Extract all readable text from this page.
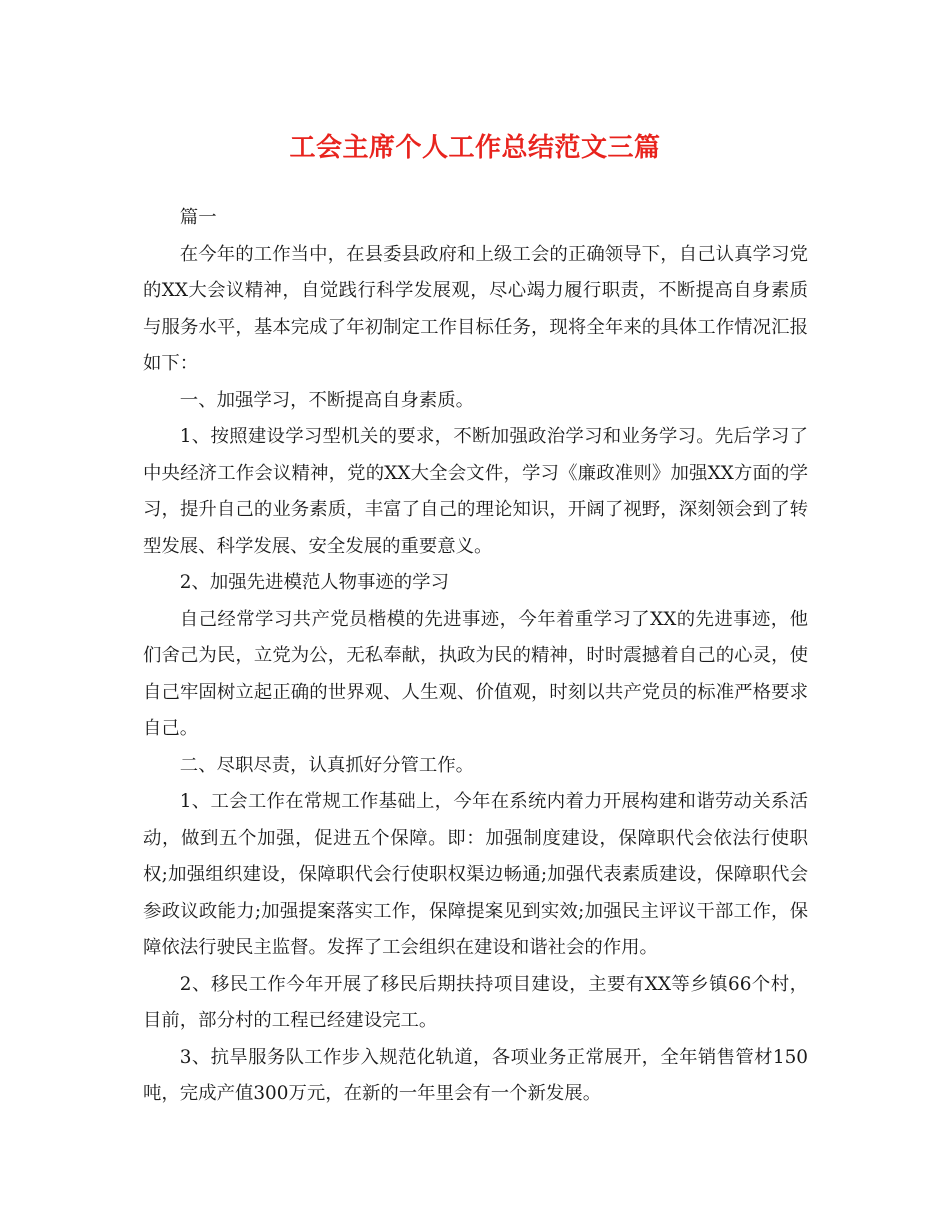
工会主席个人工作总结范文三篇

篇一

在今年的工作当中，在县委县政府和上级工会的正确领导下，自己认真学习党的XX大会议精神，自觉践行科学发展观，尽心竭力履行职责，不断提高自身素质与服务水平，基本完成了年初制定工作目标任务，现将全年来的具体工作情况汇报如下：

一、加强学习，不断提高自身素质。

1、按照建设学习型机关的要求，不断加强政治学习和业务学习。先后学习了中央经济工作会议精神，党的XX大全会文件，学习《廉政准则》加强XX方面的学习，提升自己的业务素质，丰富了自己的理论知识，开阔了视野，深刻领会到了转型发展、科学发展、安全发展的重要意义。

2、加强先进模范人物事迹的学习

自己经常学习共产党员楷模的先进事迹，今年着重学习了XX的先进事迹，他们舍己为民，立党为公，无私奉献，执政为民的精神，时时震撼着自己的心灵，使自己牢固树立起正确的世界观、人生观、价值观，时刻以共产党员的标准严格要求自己。

二、尽职尽责，认真抓好分管工作。

1、工会工作在常规工作基础上，今年在系统内着力开展构建和谐劳动关系活动，做到五个加强，促进五个保障。即：加强制度建设，保障职代会依法行使职权;加强组织建设，保障职代会行使职权渠边畅通;加强代表素质建设，保障职代会参政议政能力;加强提案落实工作，保障提案见到实效;加强民主评议干部工作，保障依法行驶民主监督。发挥了工会组织在建设和谐社会的作用。

2、移民工作今年开展了移民后期扶持项目建设，主要有XX等乡镇66个村，目前，部分村的工程已经建设完工。

3、抗旱服务队工作步入规范化轨道，各项业务正常展开，全年销售管材150吨，完成产值300万元，在新的一年里会有一个新发展。
